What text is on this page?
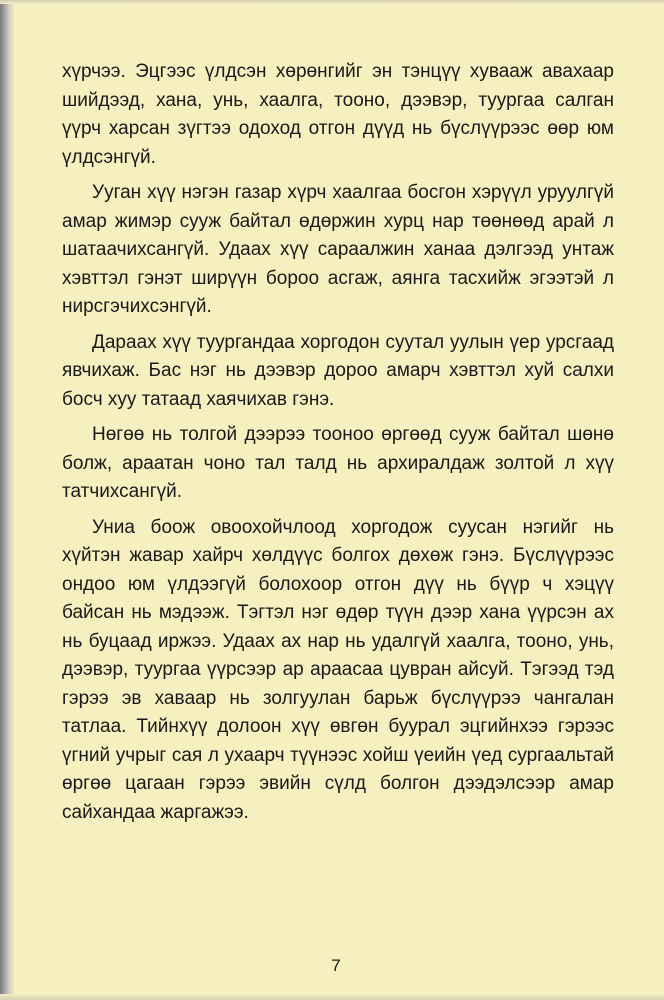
хүрчээ. Эцгээс үлдсэн хөрөнгийг эн тэнцүү хувааж авахаар шийдээд, хана, унь, хаалга, тооно, дээвэр, туургаа салган үүрч харсан зүгтээ одоход отгон дүүд нь бүслүүрээс өөр юм үлдсэнгүй.

Ууган хүү нэгэн газар хүрч хаалгаа босгон хэрүүл уруулгүй амар жимэр сууж байтал өдөржин хурц нар төөнөөд арай л шатаачихсангүй. Удаах хүү сараалжин ханаа дэлгээд унтаж хэвттэл гэнэт ширүүн бороо асгаж, аянга тасхийж эгээтэй л нирсгэчихсэнгүй.

Дараах хүү туургандаа хоргодон суутал уулын үер урсгаад явчихаж. Бас нэг нь дээвэр дороо амарч хэвттэл хуй салхи босч хуу татаад хаячихав гэнэ.

Нөгөө нь толгой дээрээ тооноо өргөөд сууж байтал шөнө болж, араатан чоно тал талд нь архиралдаж золтой л хүү татчихсангүй.

Униа боож овоохойчлоод хоргодож суусан нэгийг нь хүйтэн жавар хайрч хөлдүүс болгох дөхөж гэнэ. Бүслүүрээс ондоо юм үлдээгүй болохоор отгон дүү нь бүүр ч хэцүү байсан нь мэдээж. Тэгтэл нэг өдөр түүн дээр хана үүрсэн ах нь буцаад иржээ. Удаах ах нар нь удалгүй хаалга, тооно, унь, дээвэр, туургаа үүрсээр ар араасаа цувран айсуй. Тэгээд тэд гэрээ эв хавaар нь золгуулан барьж бүслүүрээ чангалан татлаа. Тийнхүү долоон хүү өвгөн буурал эцгийнхээ гэрээс үгний учрыг сая л ухаарч түүнээс хойш үеийн үед сургаальтай өргөө цагаан гэрээ эвийн сүлд болгон дээдэлсээр амар сайхандаа жаргажээ.

7
